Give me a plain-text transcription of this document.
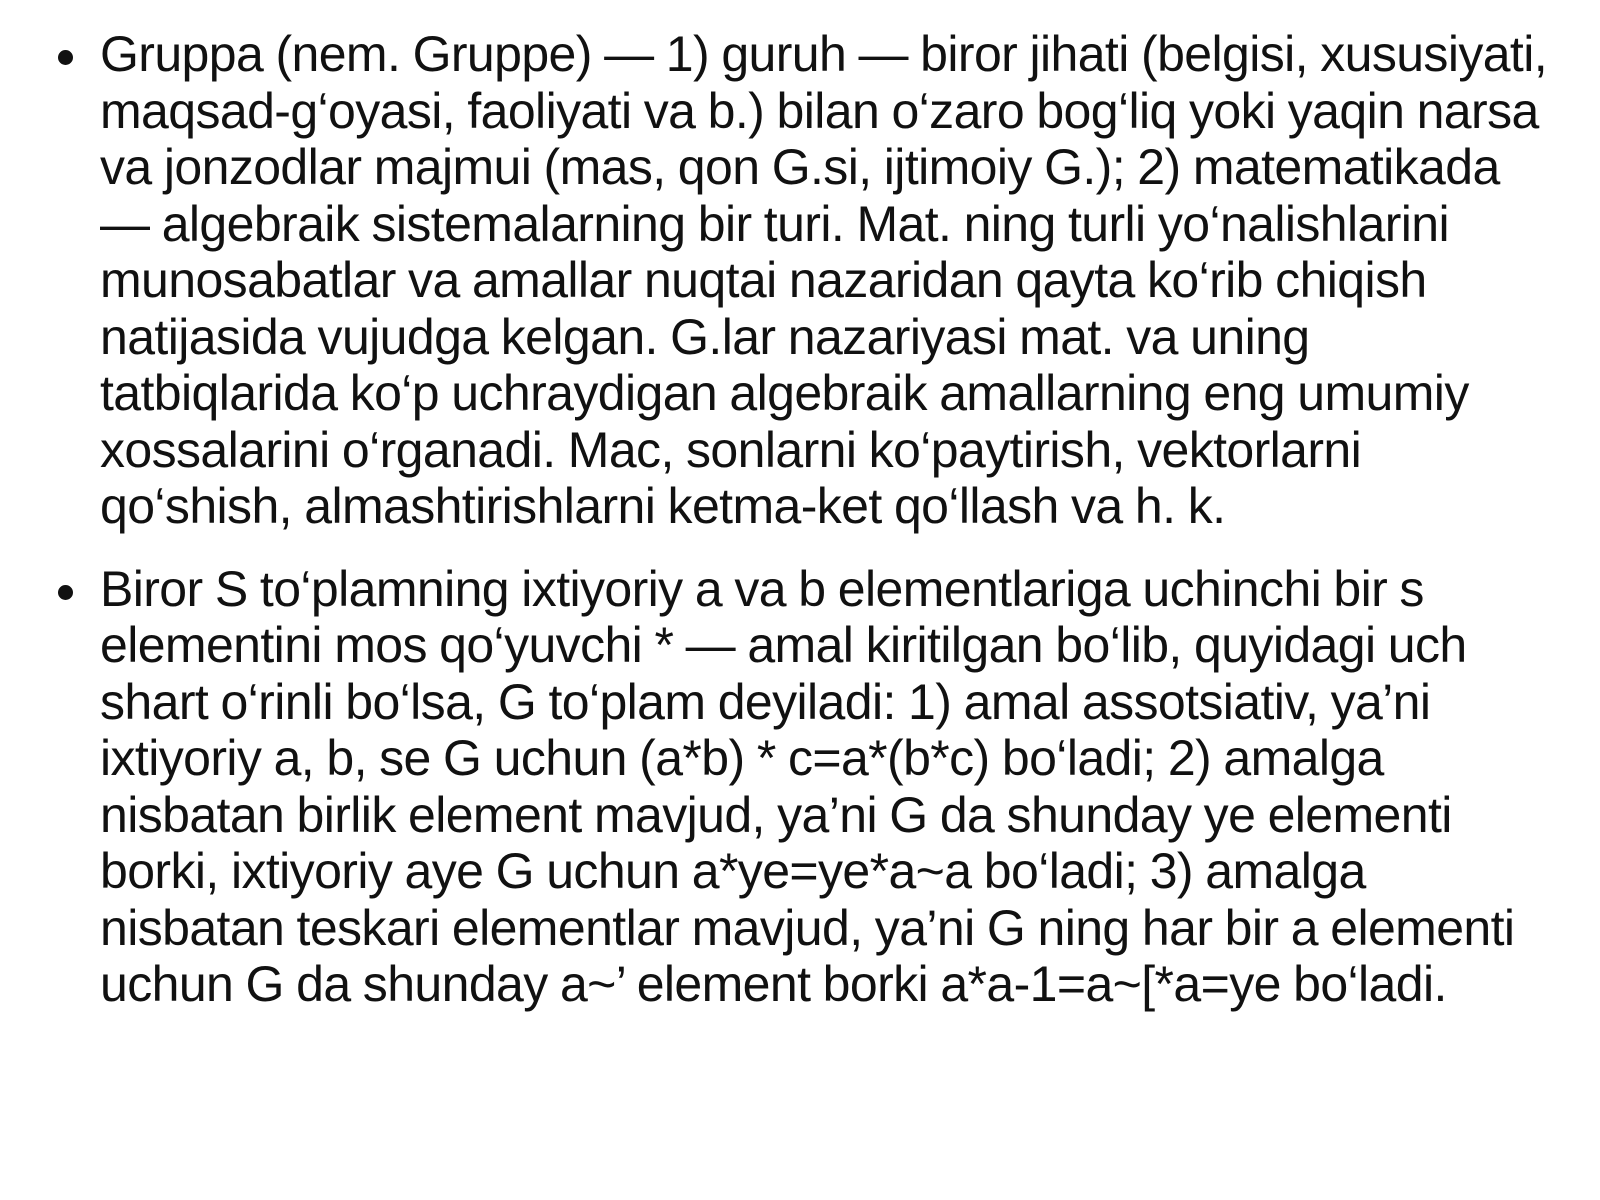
Gruppa (nem. Gruppe) — 1) guruh — biror jihati (belgisi, xususiyati, maqsad-g‘oyasi, faoliyati va b.) bilan o‘zaro bog‘liq yoki yaqin narsa va jonzodlar majmui (mas, qon G.si, ijtimoiy G.); 2) matematikada — algebraik sistemalarning bir turi. Mat. ning turli yo‘nalishlarini munosabatlar va amallar nuqtai nazaridan qayta ko‘rib chiqish natijasida vujudga kelgan. G.lar nazariyasi mat. va uning tatbiqlarida ko‘p uchraydigan algebraik amallarning eng umumiy xossalarini o‘rganadi. Mac, sonlarni ko‘paytirish, vektorlarni qo‘shish, almashtirishlarni ketma-ket qo‘llash va h. k.
Biror S to‘plamning ixtiyoriy a va b elementlariga uchinchi bir s elementini mos qo‘yuvchi * — amal kiritilgan bo‘lib, quyidagi uch shart o‘rinli bo‘lsa, G to‘plam deyiladi: 1) amal assotsiativ, ya’ni ixtiyoriy a, b, se G uchun (a*b) * c=a*(b*c) bo‘ladi; 2) amalga nisbatan birlik element mavjud, ya’ni G da shunday ye elementi borki, ixtiyoriy aye G uchun a*ye=ye*a~a bo‘ladi; 3) amalga nisbatan teskari elementlar mavjud, ya’ni G ning har bir a elementi uchun G da shunday a~’ element borki a*a-1=a~[*a=ye bo‘ladi.
